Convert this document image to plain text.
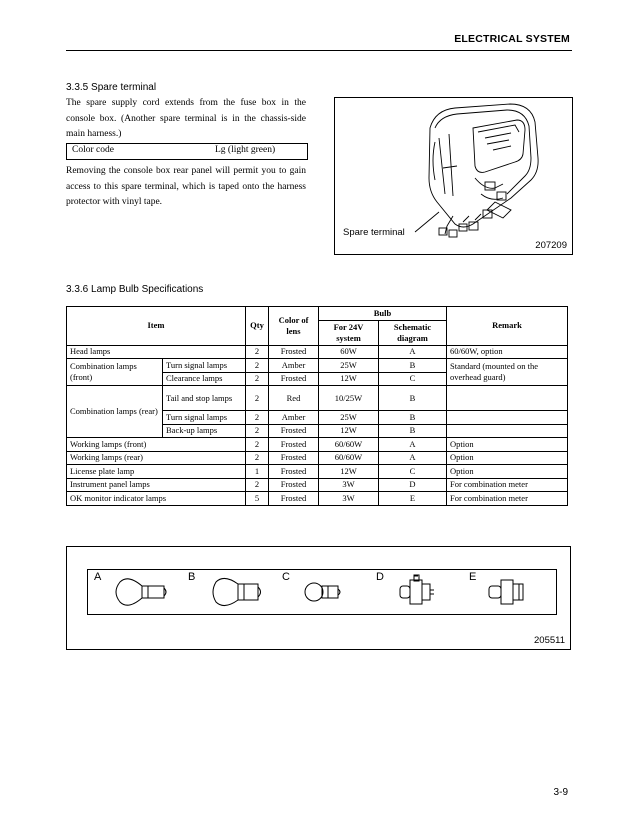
ELECTRICAL SYSTEM
3.3.5 Spare terminal
The spare supply cord extends from the fuse box in the console box. (Another spare terminal is in the chassis-side main harness.)
Color code	Lg (light green)
Removing the console box rear panel will permit you to gain access to this spare terminal, which is taped onto the harness protector with vinyl tape.
Spare terminal
207209
3.3.6 Lamp Bulb Specifications
Item		Qty	Color of lens	Bulb		Remark
				For 24V system	Schematic diagram	
Head lamps		2	Frosted	60W	A	60/60W, option
Combination lamps (front)	Turn signal lamps	2	Amber	25W	B	Standard (mounted on the overhead guard)
	Clearance lamps	2	Frosted	12W	C	
Combination lamps (rear)	Tail and stop lamps	2	Red	10/25W	B	
	Turn signal lamps	2	Amber	25W	B	
	Back-up lamps	2	Frosted	12W	B	
Working lamps (front)		2	Frosted	60/60W	A	Option
Working lamps (rear)		2	Frosted	60/60W	A	Option
License plate lamp		1	Frosted	12W	C	Option
Instrument panel lamps		2	Frosted	3W	D	For combination meter
OK monitor indicator lamps		5	Frosted	3W	E	For combination meter
A	B	C	D	E
205511
3-9
